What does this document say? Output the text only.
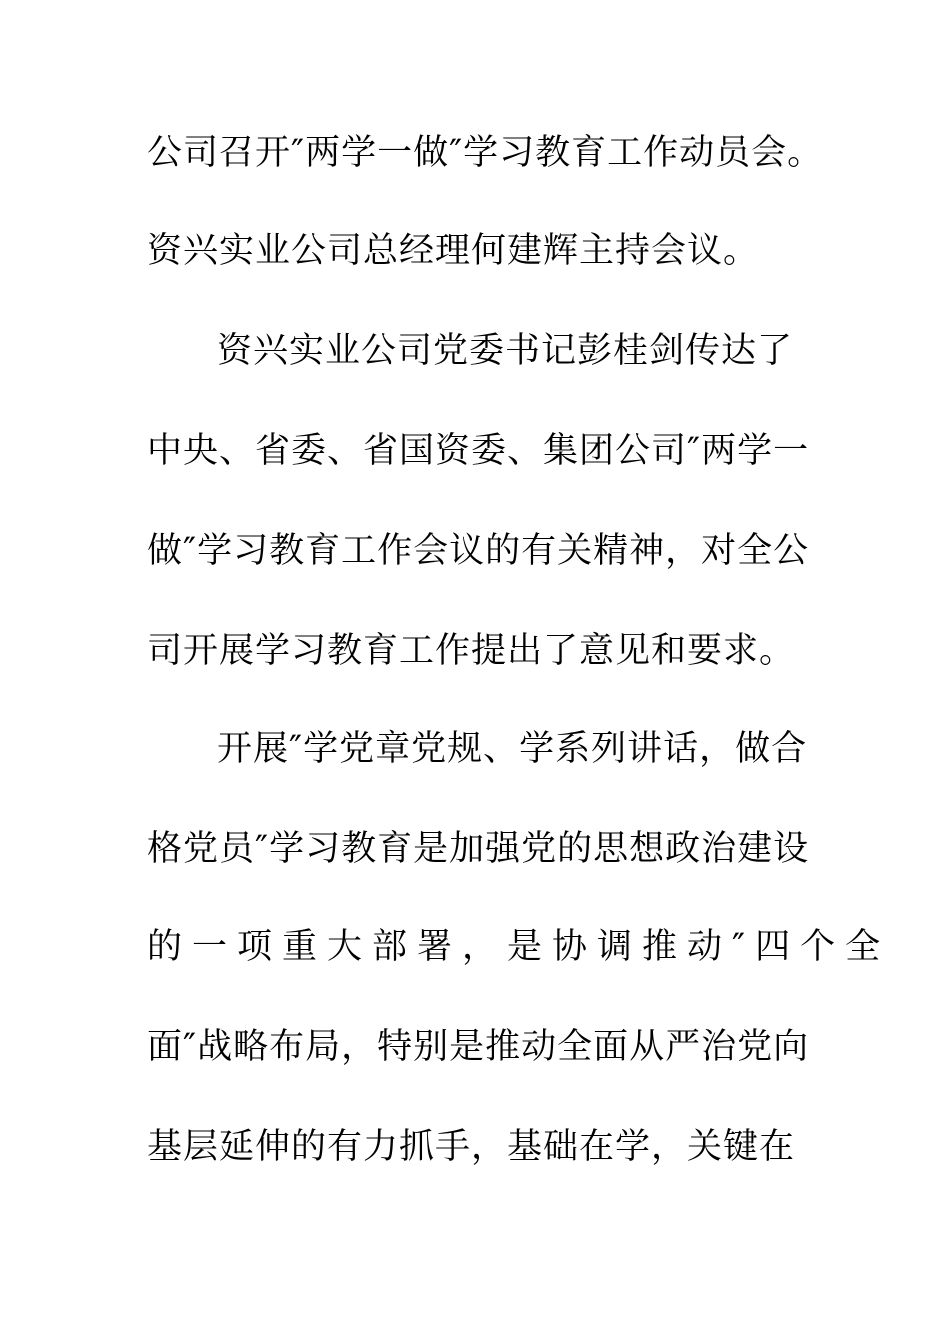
公司召开″两学一做″学习教育工作动员会。
资兴实业公司总经理何建辉主持会议。
资兴实业公司党委书记彭桂剑传达了
中央、省委、省国资委、集团公司″两学一
做″学习教育工作会议的有关精神，对全公
司开展学习教育工作提出了意见和要求。
开展″学党章党规、学系列讲话，做合
格党员″学习教育是加强党的思想政治建设
的一项重大部署，是协调推动″四个全
面″战略布局，特别是推动全面从严治党向
基层延伸的有力抓手，基础在学，关键在
